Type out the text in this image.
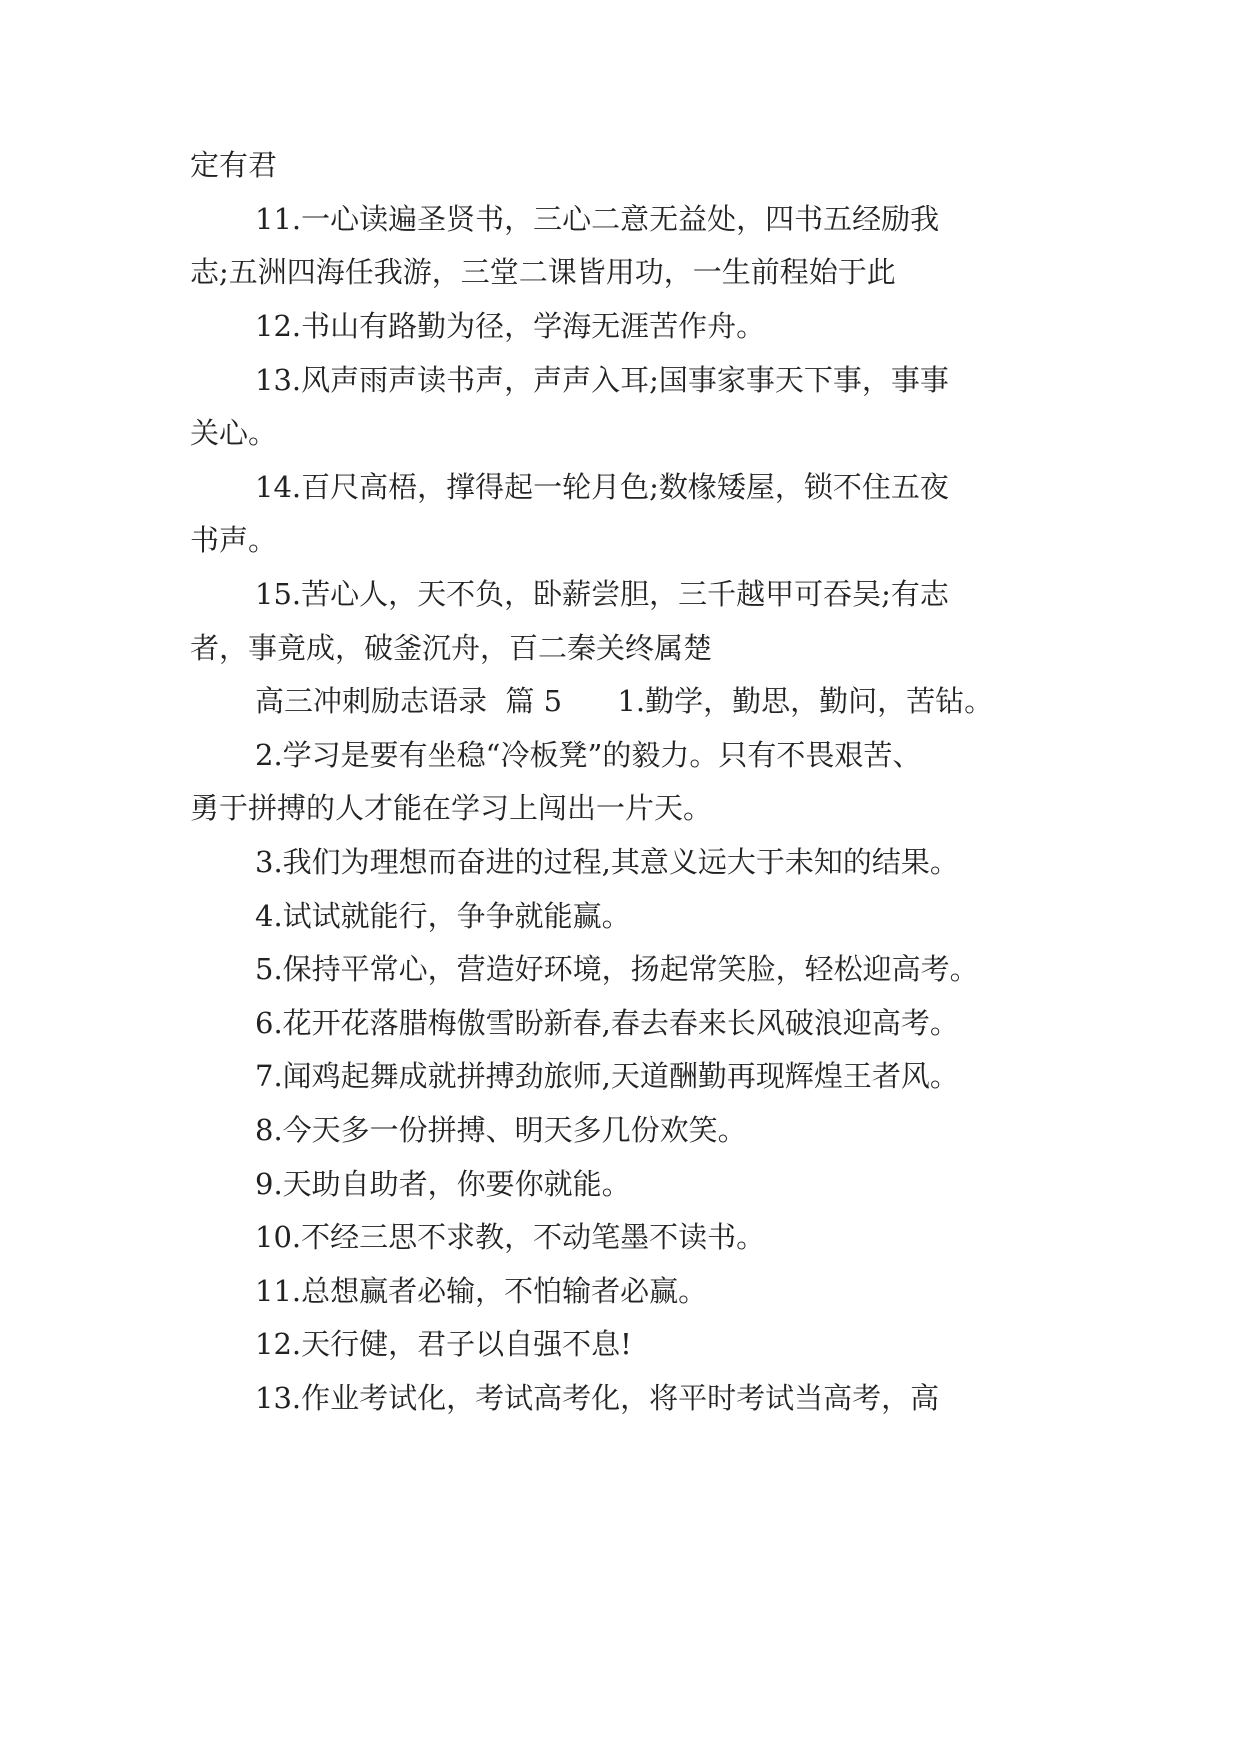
定有君
11.一心读遍圣贤书，三心二意无益处，四书五经励我
志;五洲四海任我游，三堂二课皆用功，一生前程始于此
12.书山有路勤为径，学海无涯苦作舟。
13.风声雨声读书声，声声入耳;国事家事天下事，事事
关心。
14.百尺高梧，撑得起一轮月色;数椽矮屋，锁不住五夜
书声。
15.苦心人，天不负，卧薪尝胆，三千越甲可吞吴;有志
者，事竟成，破釜沉舟，百二秦关终属楚
高三冲刺励志语录  篇 5      1.勤学，勤思，勤问，苦钻。
2.学习是要有坐稳“冷板凳”的毅力。只有不畏艰苦、
勇于拼搏的人才能在学习上闯出一片天。
3.我们为理想而奋进的过程,其意义远大于未知的结果。
4.试试就能行，争争就能赢。
5.保持平常心，营造好环境，扬起常笑脸，轻松迎高考。
6.花开花落腊梅傲雪盼新春,春去春来长风破浪迎高考。
7.闻鸡起舞成就拼搏劲旅师,天道酬勤再现辉煌王者风。
8.今天多一份拼搏、明天多几份欢笑。
9.天助自助者，你要你就能。
10.不经三思不求教，不动笔墨不读书。
11.总想赢者必输，不怕输者必赢。
12.天行健，君子以自强不息!
13.作业考试化，考试高考化，将平时考试当高考，高
